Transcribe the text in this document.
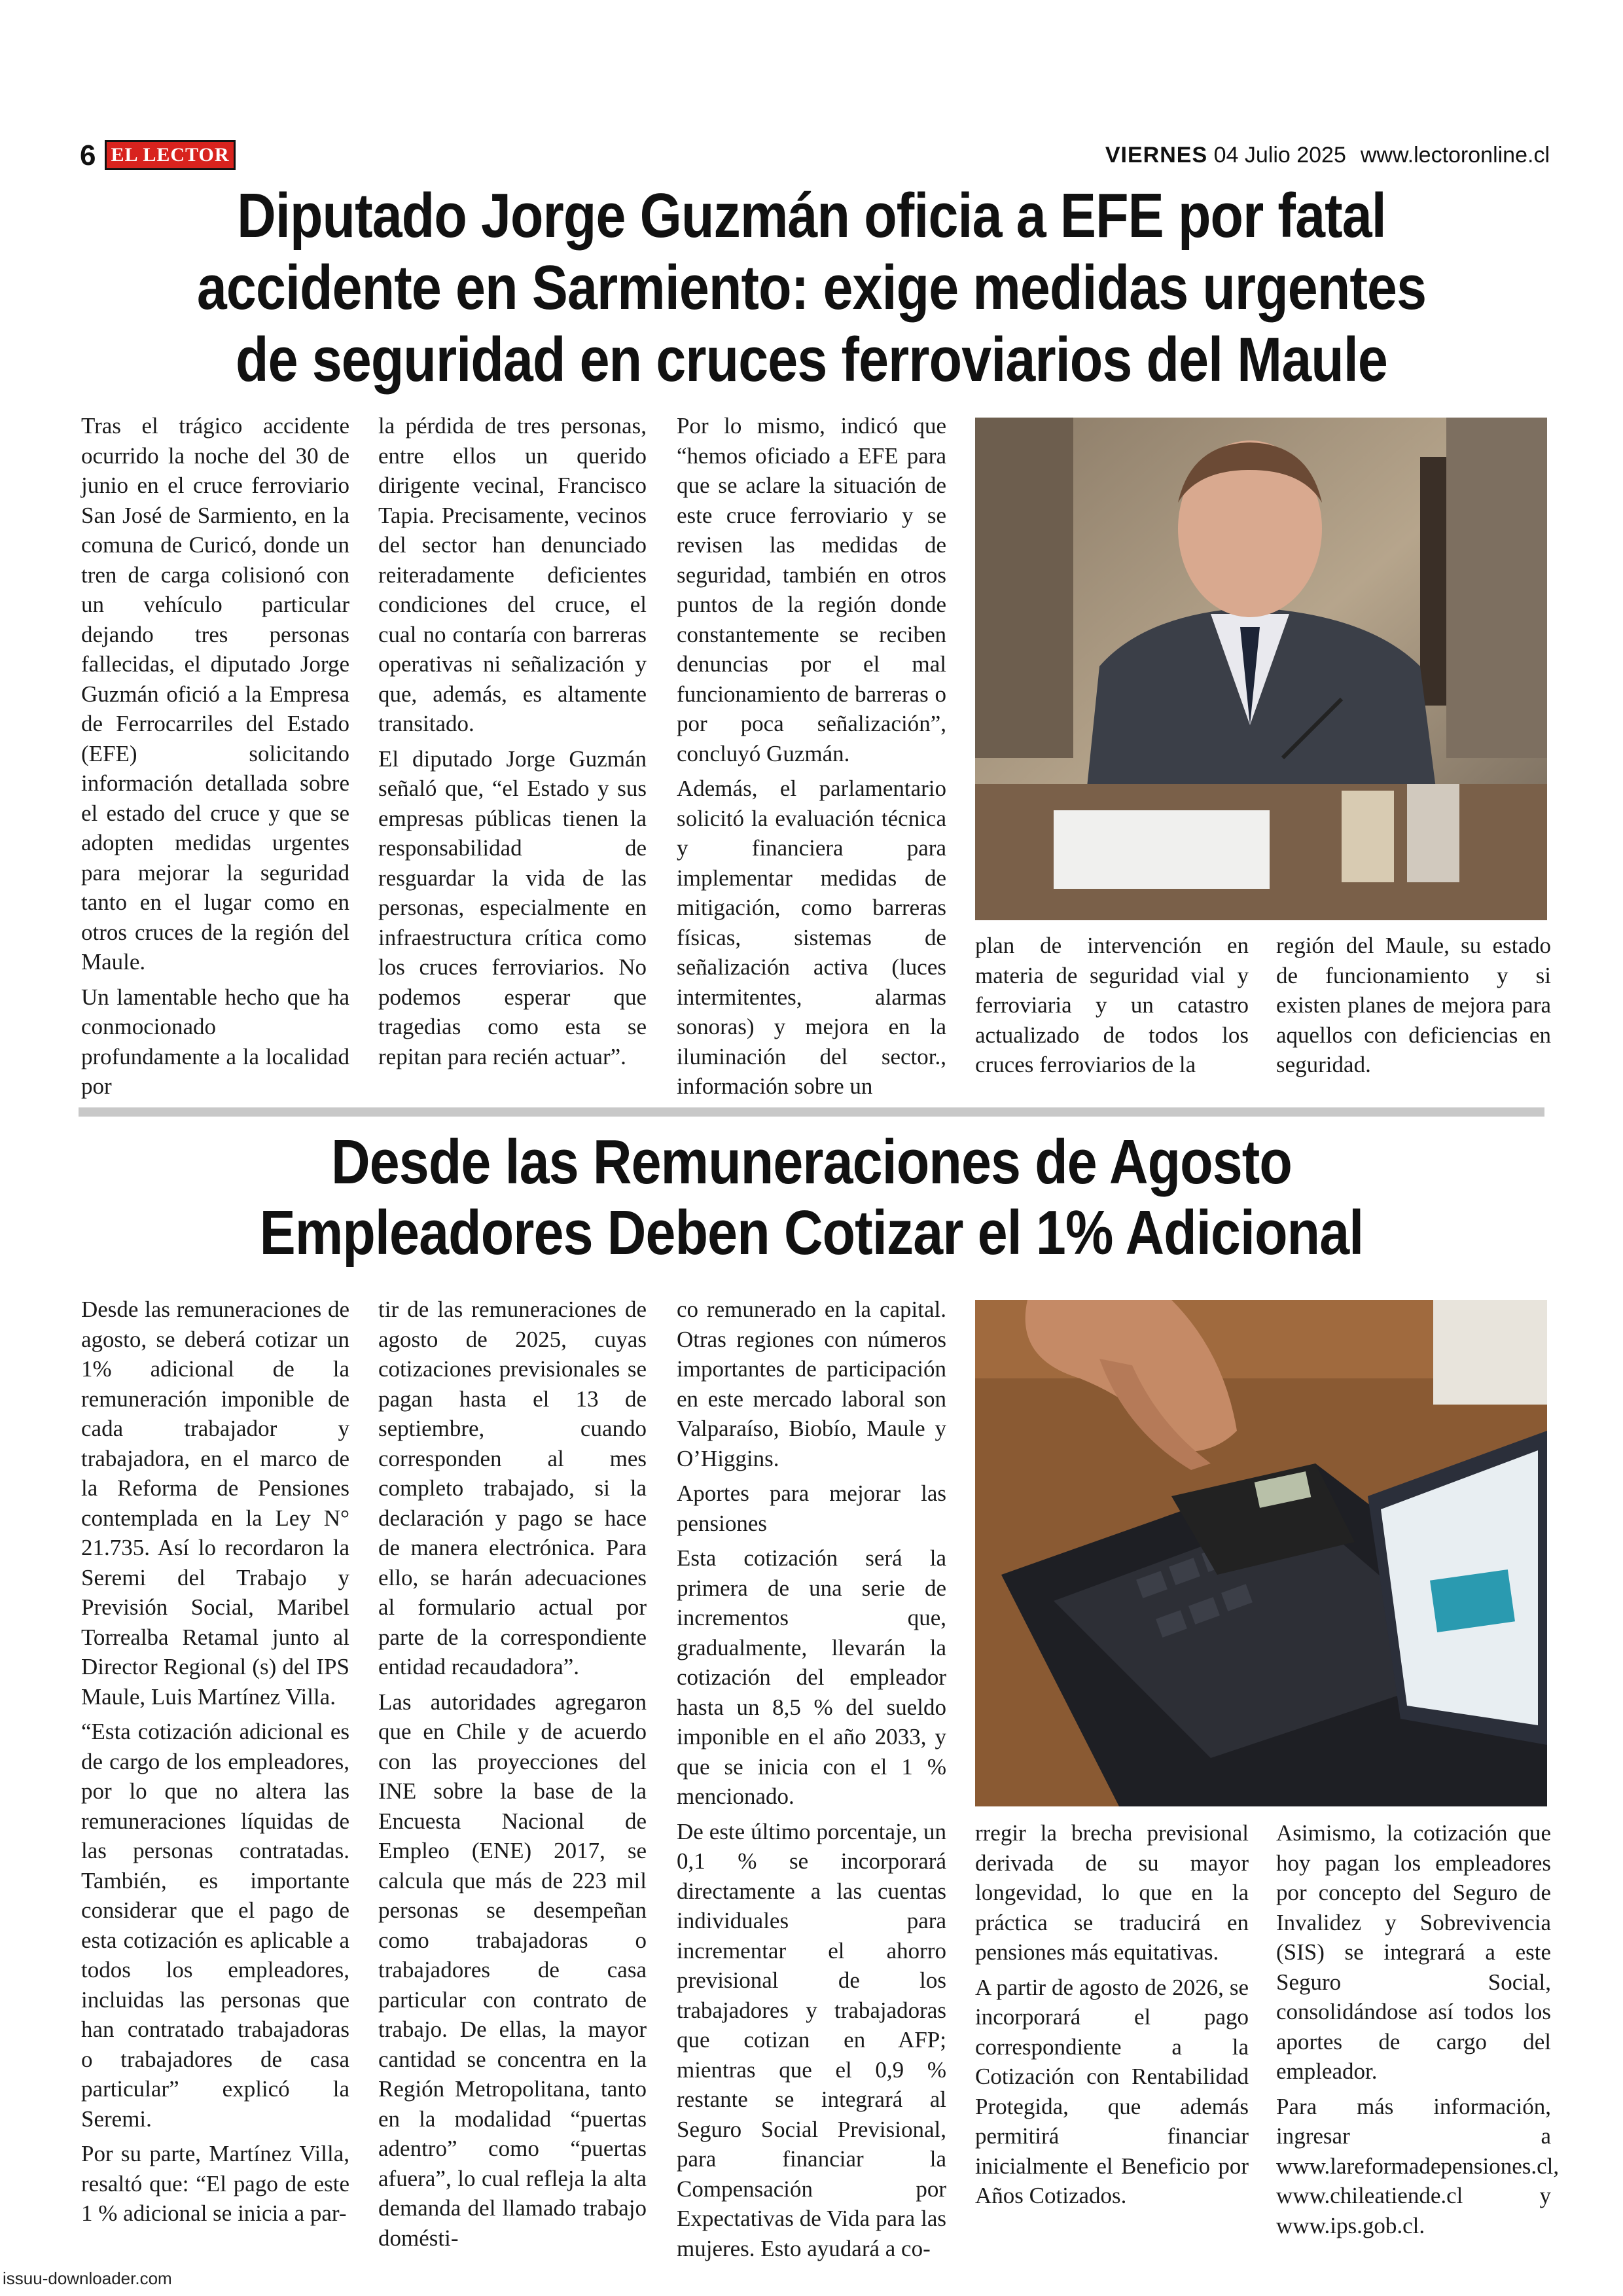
6 EL LECTOR	VIERNES 04 Julio 2025 www.lectoronline.cl
Diputado Jorge Guzmán oficia a EFE por fatal accidente en Sarmiento: exige medidas urgentes de seguridad en cruces ferroviarios del Maule

Tras el trágico accidente ocurrido la noche del 30 de junio en el cruce ferroviario San José de Sarmiento, en la comuna de Curicó, donde un tren de carga colisionó con un vehículo particular dejando tres personas fallecidas, el diputado Jorge Guzmán ofició a la Empresa de Ferrocarriles del Estado (EFE) solicitando información detallada sobre el estado del cruce y que se adopten medidas urgentes para mejorar la seguridad tanto en el lugar como en otros cruces de la región del Maule.

Un lamentable hecho que ha conmocionado profundamente a la localidad por

la pérdida de tres personas, entre ellos un querido dirigente vecinal, Francisco Tapia. Precisamente, vecinos del sector han denunciado reiteradamente deficientes condiciones del cruce, el cual no contaría con barreras operativas ni señalización y que, además, es altamente transitado.

El diputado Jorge Guzmán señaló que, “el Estado y sus empresas públicas tienen la responsabilidad de resguardar la vida de las personas, especialmente en infraestructura crítica como los cruces ferroviarios. No podemos esperar que tragedias como esta se repitan para recién actuar”.

Por lo mismo, indicó que “hemos oficiado a EFE para que se aclare la situación de este cruce ferroviario y se revisen las medidas de seguridad, también en otros puntos de la región donde constantemente se reciben denuncias por el mal funcionamiento de barreras o por poca señalización”, concluyó Guzmán.

Además, el parlamentario solicitó la evaluación técnica y financiera para implementar medidas de mitigación, como barreras físicas, sistemas de señalización activa (luces intermitentes, alarmas sonoras) y mejora en la iluminación del sector., información sobre un

plan de intervención en materia de seguridad vial y ferroviaria y un catastro actualizado de todos los cruces ferroviarios de la

región del Maule, su estado de funcionamiento y si existen planes de mejora para aquellos con deficiencias en seguridad.

Desde las Remuneraciones de Agosto
Empleadores Deben Cotizar el 1% Adicional

Desde las remuneraciones de agosto, se deberá cotizar un 1% adicional de la remuneración imponible de cada trabajador y trabajadora, en el marco de la Reforma de Pensiones contemplada en la Ley N° 21.735. Así lo recordaron la Seremi del Trabajo y Previsión Social, Maribel Torrealba Retamal junto al Director Regional (s) del IPS Maule, Luis Martínez Villa.

“Esta cotización adicional es de cargo de los empleadores, por lo que no altera las remuneraciones líquidas de las personas contratadas. También, es importante considerar que el pago de esta cotización es aplicable a todos los empleadores, incluidas las personas que han contratado trabajadoras o trabajadores de casa particular” explicó la Seremi.

Por su parte, Martínez Villa, resaltó que: “El pago de este 1 % adicional se inicia a par-

tir de las remuneraciones de agosto de 2025, cuyas cotizaciones previsionales se pagan hasta el 13 de septiembre, cuando corresponden al mes completo trabajado, si la declaración y pago se hace de manera electrónica. Para ello, se harán adecuaciones al formulario actual por parte de la correspondiente entidad recaudadora”.

Las autoridades agregaron que en Chile y de acuerdo con las proyecciones del INE sobre la base de la Encuesta Nacional de Empleo (ENE) 2017, se calcula que más de 223 mil personas se desempeñan como trabajadoras o trabajadores de casa particular con contrato de trabajo. De ellas, la mayor cantidad se concentra en la Región Metropolitana, tanto en la modalidad “puertas adentro” como “puertas afuera”, lo cual refleja la alta demanda del llamado trabajo domésti-

co remunerado en la capital. Otras regiones con números importantes de participación en este mercado laboral son Valparaíso, Biobío, Maule y O’Higgins.

Aportes para mejorar las pensiones

Esta cotización será la primera de una serie de incrementos que, gradualmente, llevarán la cotización del empleador hasta un 8,5 % del sueldo imponible en el año 2033, y que se inicia con el 1 % mencionado.

De este último porcentaje, un 0,1 % se incorporará directamente a las cuentas individuales para incrementar el ahorro previsional de los trabajadores y trabajadoras que cotizan en AFP; mientras que el 0,9 % restante se integrará al Seguro Social Previsional, para financiar la Compensación por Expectativas de Vida para las mujeres. Esto ayudará a co-

rregir la brecha previsional derivada de su mayor longevidad, lo que en la práctica se traducirá en pensiones más equitativas.

A partir de agosto de 2026, se incorporará el pago correspondiente a la Cotización con Rentabilidad Protegida, que además permitirá financiar inicialmente el Beneficio por Años Cotizados.

Asimismo, la cotización que hoy pagan los empleadores por concepto del Seguro de Invalidez y Sobrevivencia (SIS) se integrará a este Seguro Social, consolidándose así todos los aportes de cargo del empleador.

Para más información, ingresar a www.lareformadepensiones.cl, www.chileatiende.cl y www.ips.gob.cl.

issuu-downloader.com
